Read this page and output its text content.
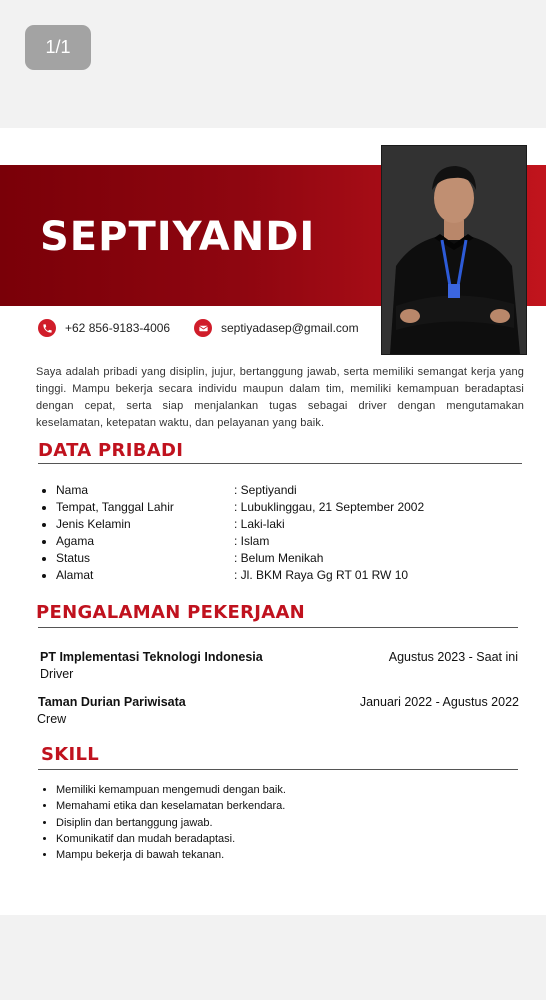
1/1
SEPTIYANDI
+62 856-9183-4006	septiyadasep@gmail.com
Saya adalah pribadi yang disiplin, jujur, bertanggung jawab, serta memiliki semangat kerja yang tinggi. Mampu bekerja secara individu maupun dalam tim, memiliki kemampuan beradaptasi dengan cepat, serta siap menjalankan tugas sebagai driver dengan mengutamakan keselamatan, ketepatan waktu, dan pelayanan yang baik.
DATA PRIBADI
• Nama	: Septiyandi
• Tempat, Tanggal Lahir	: Lubuklinggau, 21 September 2002
• Jenis Kelamin	: Laki-laki
• Agama	: Islam
• Status	: Belum Menikah
• Alamat	: Jl. BKM Raya Gg RT 01 RW 10
PENGALAMAN PEKERJAAN
PT Implementasi Teknologi Indonesia	Agustus 2023 - Saat ini
Driver
Taman Durian Pariwisata	Januari 2022 - Agustus 2022
Crew
SKILL
• Memiliki kemampuan mengemudi dengan baik.
• Memahami etika dan keselamatan berkendara.
• Disiplin dan bertanggung jawab.
• Komunikatif dan mudah beradaptasi.
• Mampu bekerja di bawah tekanan.
